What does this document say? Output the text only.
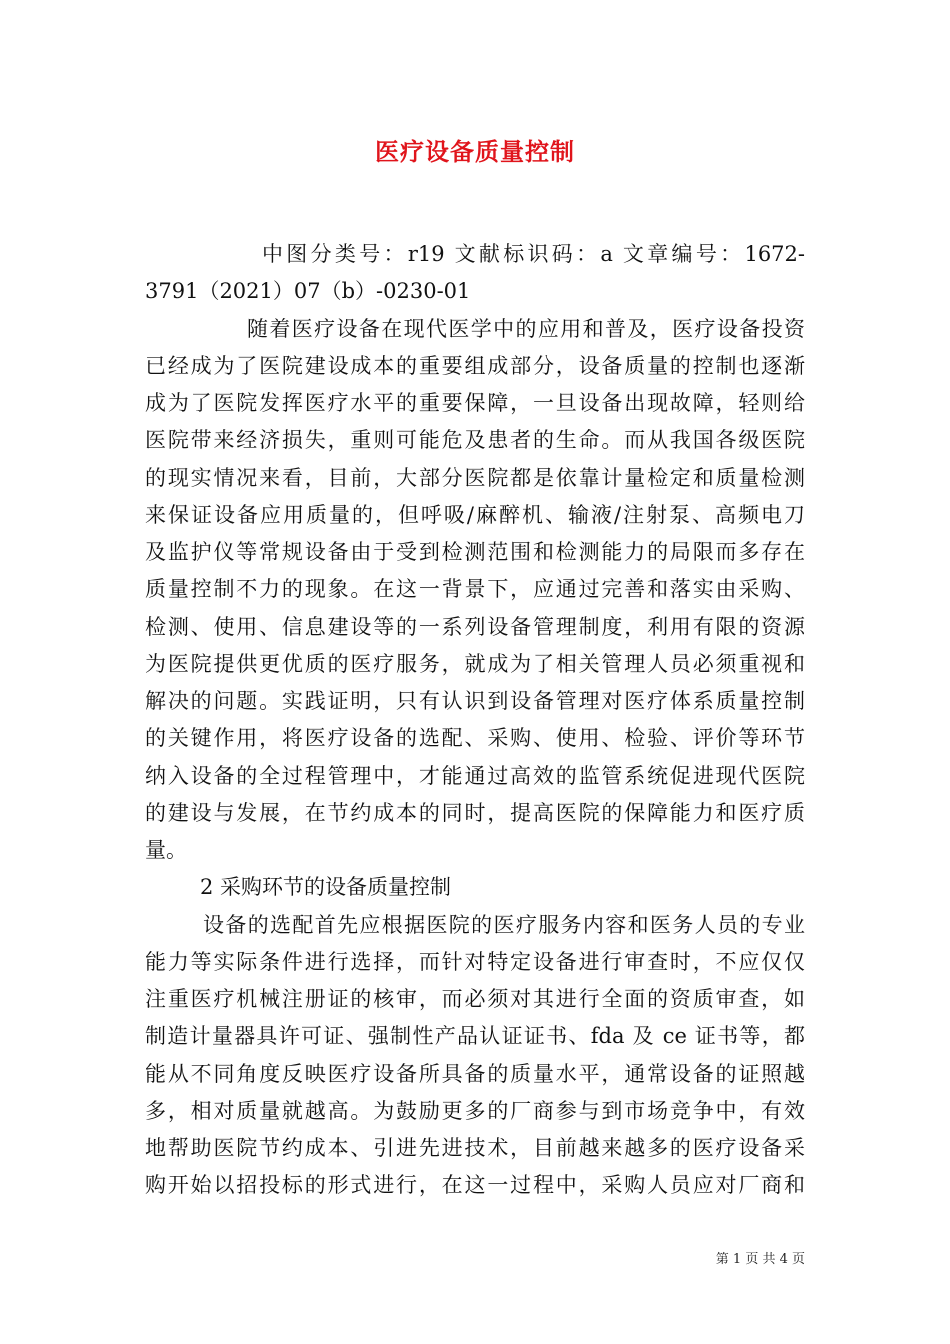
医疗设备质量控制
中图分类号：r19 文献标识码：a 文章编号：1672-
3791（2021）07（b）-0230-01
随着医疗设备在现代医学中的应用和普及，医疗设备投资
已经成为了医院建设成本的重要组成部分，设备质量的控制也逐渐
成为了医院发挥医疗水平的重要保障，一旦设备出现故障，轻则给
医院带来经济损失，重则可能危及患者的生命。而从我国各级医院
的现实情况来看，目前，大部分医院都是依靠计量检定和质量检测
来保证设备应用质量的，但呼吸/麻醉机、输液/注射泵、高频电刀
及监护仪等常规设备由于受到检测范围和检测能力的局限而多存在
质量控制不力的现象。在这一背景下，应通过完善和落实由采购、
检测、使用、信息建设等的一系列设备管理制度，利用有限的资源
为医院提供更优质的医疗服务，就成为了相关管理人员必须重视和
解决的问题。实践证明，只有认识到设备管理对医疗体系质量控制
的关键作用，将医疗设备的选配、采购、使用、检验、评价等环节
纳入设备的全过程管理中，才能通过高效的监管系统促进现代医院
的建设与发展，在节约成本的同时，提高医院的保障能力和医疗质
量。
2 采购环节的设备质量控制
设备的选配首先应根据医院的医疗服务内容和医务人员的专业
能力等实际条件进行选择，而针对特定设备进行审查时，不应仅仅
注重医疗机械注册证的核审，而必须对其进行全面的资质审查，如
制造计量器具许可证、强制性产品认证证书、fda 及 ce 证书等，都
能从不同角度反映医疗设备所具备的质量水平，通常设备的证照越
多，相对质量就越高。为鼓励更多的厂商参与到市场竞争中，有效
地帮助医院节约成本、引进先进技术，目前越来越多的医疗设备采
购开始以招投标的形式进行，在这一过程中，采购人员应对厂商和
第 1 页 共 4 页
